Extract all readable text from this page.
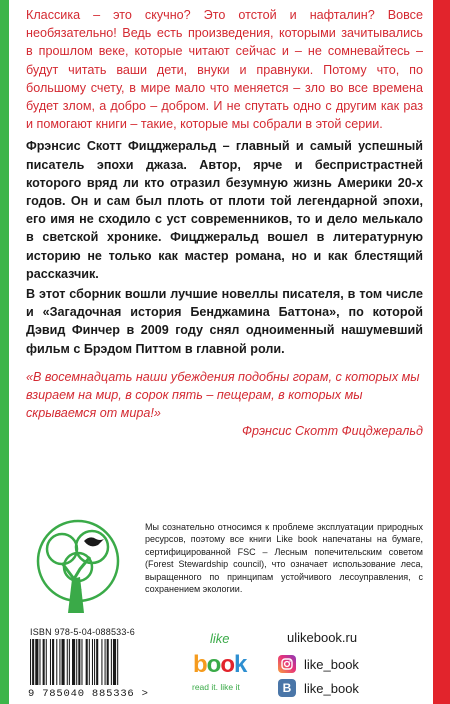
Классика – это скучно? Это отстой и нафталин? Вовсе необязательно! Ведь есть произведения, которыми зачитывались в прошлом веке, которые читают сейчас и – не сомневайтесь – будут читать ваши дети, внуки и правнуки. Потому что, по большому счету, в мире мало что меняется – зло во все времена будет злом, а добро – добром. И не спутать одно с другим как раз и помогают книги – такие, которые мы собрали в этой серии.

Фрэнсис Скотт Фицджеральд – главный и самый успешный писатель эпохи джаза. Автор, ярче и беспристрастней которого вряд ли кто отразил безумную жизнь Америки 20-х годов. Он и сам был плоть от плоти той легендарной эпохи, его имя не сходило с уст современников, то и дело мелькало в светской хронике. Фицджеральд вошел в литературную историю не только как мастер романа, но и как блестящий рассказчик.

В этот сборник вошли лучшие новеллы писателя, в том числе и «Загадочная история Бенджамина Баттона», по которой Дэвид Финчер в 2009 году снял одноименный нашумевший фильм с Брэдом Питтом в главной роли.

«В восемнадцать наши убеждения подобны горам, с которых мы взираем на мир, в сорок пять – пещерам, в которых мы скрываемся от мира!»

Фрэнсис Скотт Фицджеральд

Мы сознательно относимся к проблеме эксплуатации природных ресурсов, поэтому все книги Like book напечатаны на бумаге, сертифицированной FSC – Лесным попечительским советом (Forest Stewardship council), что означает использование леса, выращенного по принципам устойчивого лесоуправления, с сохранением экологии.
ISBN 978-5-04-088533-6
9 785040 885336 >
like
book
read it. like it
ulikebook.ru
like_book
В like_book
